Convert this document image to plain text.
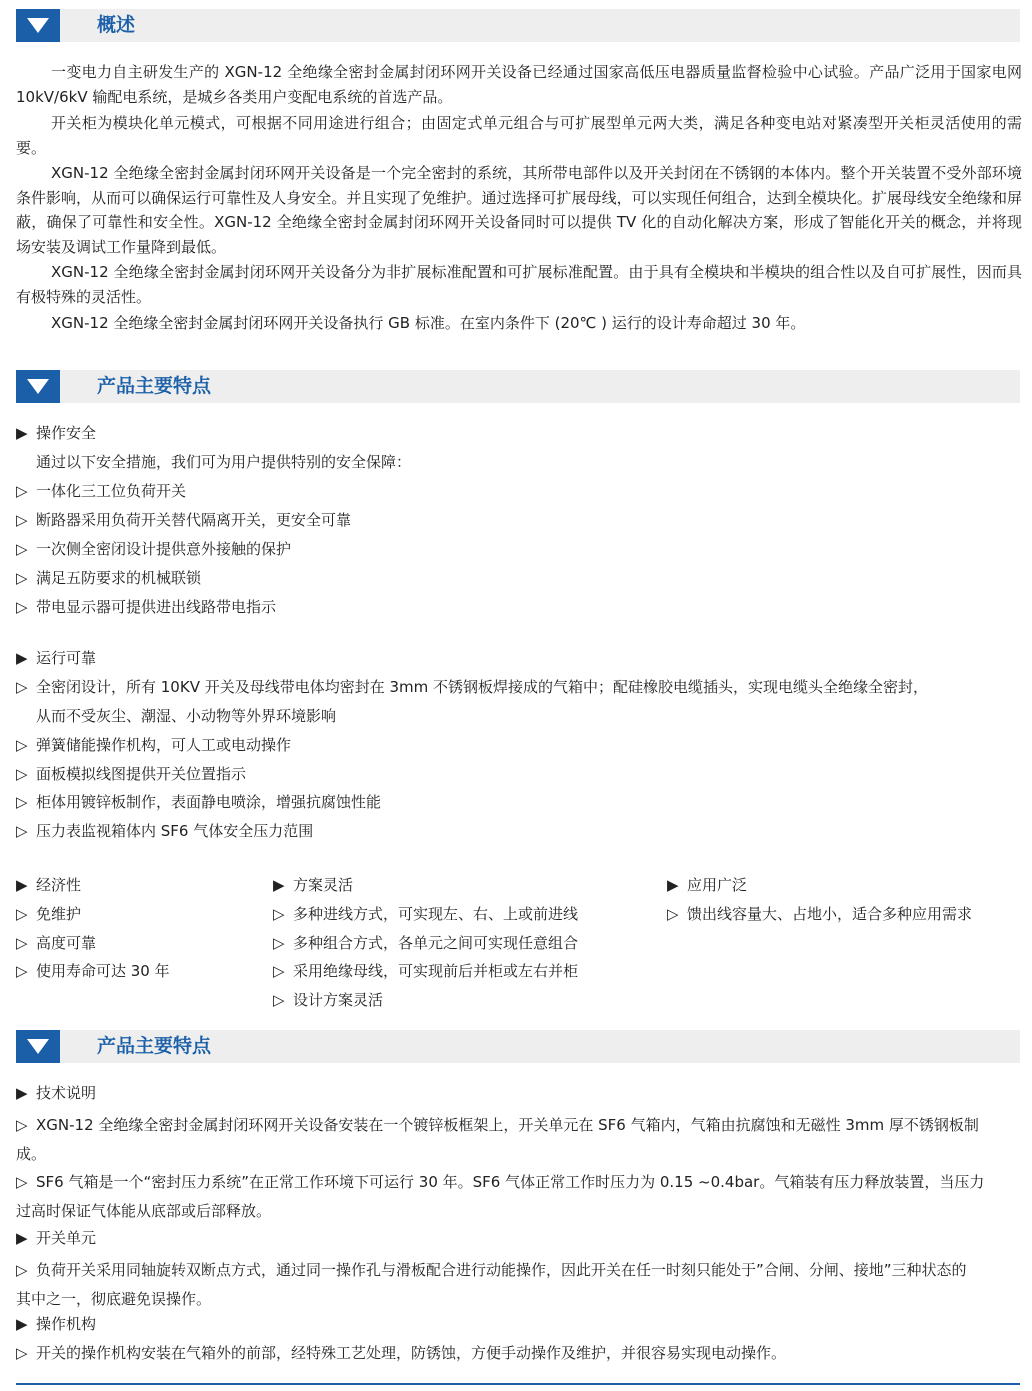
概述

一变电力自主研发生产的 XGN-12 全绝缘全密封金属封闭环网开关设备已经通过国家高低压电器质量监督检验中心试验。产品广泛用于国家电网 10kV/6kV 输配电系统，是城乡各类用户变配电系统的首选产品。

开关柜为模块化单元模式，可根据不同用途进行组合；由固定式单元组合与可扩展型单元两大类，满足各种变电站对紧凑型开关柜灵活使用的需要。

XGN-12 全绝缘全密封金属封闭环网开关设备是一个完全密封的系统，其所带电部件以及开关封闭在不锈钢的本体内。整个开关装置不受外部环境条件影响，从而可以确保运行可靠性及人身安全。并且实现了免维护。通过选择可扩展母线，可以实现任何组合，达到全模块化。扩展母线安全绝缘和屏蔽，确保了可靠性和安全性。XGN-12 全绝缘全密封金属封闭环网开关设备同时可以提供 TV 化的自动化解决方案，形成了智能化开关的概念，并将现场安装及调试工作量降到最低。

XGN-12 全绝缘全密封金属封闭环网开关设备分为非扩展标准配置和可扩展标准配置。由于具有全模块和半模块的组合性以及自可扩展性，因而具有极特殊的灵活性。

XGN-12 全绝缘全密封金属封闭环网开关设备执行 GB 标准。在室内条件下 (20℃ ) 运行的设计寿命超过 30 年。

产品主要特点
▶ 操作安全
通过以下安全措施，我们可为用户提供特别的安全保障：
▷ 一体化三工位负荷开关
▷ 断路器采用负荷开关替代隔离开关，更安全可靠
▷ 一次侧全密闭设计提供意外接触的保护
▷ 满足五防要求的机械联锁
▷ 带电显示器可提供进出线路带电指示
▶ 运行可靠
▷ 全密闭设计，所有 10KV 开关及母线带电体均密封在 3mm 不锈钢板焊接成的气箱中；配硅橡胶电缆插头，实现电缆头全绝缘全密封，
从而不受灰尘、潮湿、小动物等外界环境影响
▷ 弹簧储能操作机构，可人工或电动操作
▷ 面板模拟线图提供开关位置指示
▷ 柜体用镀锌板制作，表面静电喷涂，增强抗腐蚀性能
▷ 压力表监视箱体内 SF6 气体安全压力范围
▶ 经济性
▷ 免维护
▷ 高度可靠
▷ 使用寿命可达 30 年
▶ 方案灵活
▷ 多种进线方式，可实现左、右、上或前进线
▷ 多种组合方式，各单元之间可实现任意组合
▷ 采用绝缘母线，可实现前后并柜或左右并柜
▷ 设计方案灵活
▶ 应用广泛
▷ 馈出线容量大、占地小，适合多种应用需求
产品主要特点
▶ 技术说明
▷ XGN-12 全绝缘全密封金属封闭环网开关设备安装在一个镀锌板框架上，开关单元在 SF6 气箱内，气箱由抗腐蚀和无磁性 3mm 厚不锈钢板制成。
▷ SF6 气箱是一个“密封压力系统”在正常工作环境下可运行 30 年。SF6 气体正常工作时压力为 0.15 ~0.4bar。气箱装有压力释放装置，当压力过高时保证气体能从底部或后部释放。
▶ 开关单元
▷ 负荷开关采用同轴旋转双断点方式，通过同一操作孔与滑板配合进行动能操作，因此开关在任一时刻只能处于”合闸、分闸、接地”三种状态的其中之一，彻底避免误操作。
▶ 操作机构
▷ 开关的操作机构安装在气箱外的前部，经特殊工艺处理，防锈蚀，方便手动操作及维护，并很容易实现电动操作。
